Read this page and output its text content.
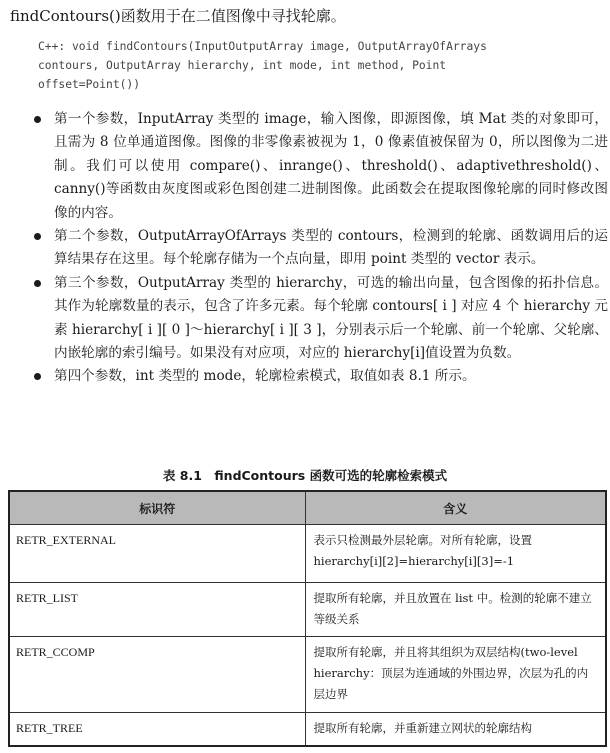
findContours()函数用于在二值图像中寻找轮廓。

C++: void findContours(InputOutputArray image, OutputArrayOfArrays
contours, OutputArray hierarchy, int mode, int method, Point
offset=Point())
第一个参数，InputArray 类型的 image，输入图像，即源图像，填 Mat 类的对象即可，且需为 8 位单通道图像。图像的非零像素被视为 1，0 像素值被保留为 0，所以图像为二进制。我们可以使用 compare()、inrange()、threshold()、adaptivethreshold()、canny()等函数由灰度图或彩色图创建二进制图像。此函数会在提取图像轮廓的同时修改图像的内容。
第二个参数，OutputArrayOfArrays 类型的 contours，检测到的轮廓、函数调用后的运算结果存在这里。每个轮廓存储为一个点向量，即用 point 类型的 vector 表示。
第三个参数，OutputArray 类型的 hierarchy，可选的输出向量，包含图像的拓扑信息。其作为轮廓数量的表示，包含了许多元素。每个轮廓 contours[ i ] 对应 4 个 hierarchy 元素 hierarchy[ i ][ 0 ]～hierarchy[ i ][ 3 ]，分别表示后一个轮廓、前一个轮廓、父轮廓、内嵌轮廓的索引编号。如果没有对应项，对应的 hierarchy[i]值设置为负数。
第四个参数，int 类型的 mode，轮廓检索模式，取值如表 8.1 所示。

表 8.1　findContours 函数可选的轮廓检索模式

标识符	含义
RETR_EXTERNAL	表示只检测最外层轮廓。对所有轮廓，设置 hierarchy[i][2]=hierarchy[i][3]=-1
RETR_LIST	提取所有轮廓，并且放置在 list 中。检测的轮廓不建立等级关系
RETR_CCOMP	提取所有轮廓，并且将其组织为双层结构(two-level hierarchy：顶层为连通域的外围边界，次层为孔的内层边界
RETR_TREE	提取所有轮廓，并重新建立网状的轮廓结构
